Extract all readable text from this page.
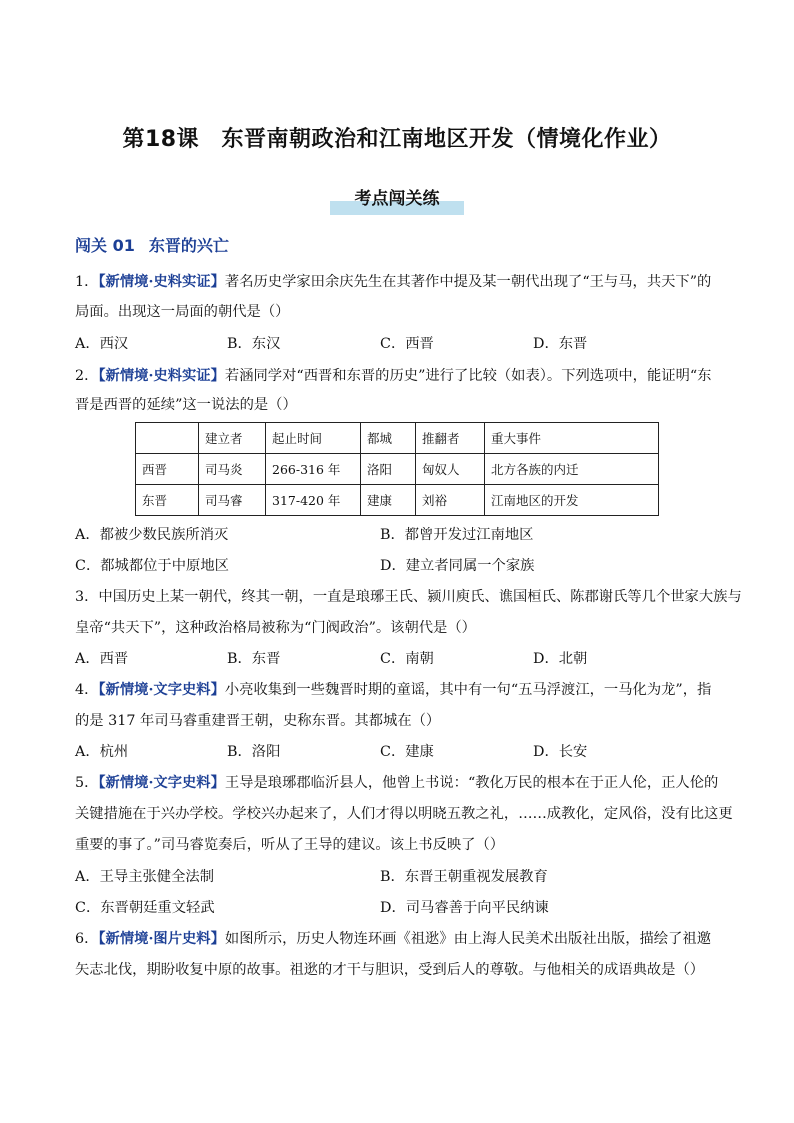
第18课　东晋南朝政治和江南地区开发（情境化作业）
考点闯关练
闯关 01 东晋的兴亡
1．【新情境·史料实证】著名历史学家田余庆先生在其著作中提及某一朝代出现了“王与马，共天下”的
局面。出现这一局面的朝代是（）
A．西汉	B．东汉	C．西晋	D．东晋
2．【新情境·史料实证】若涵同学对“西晋和东晋的历史”进行了比较（如表）。下列选项中，能证明“东
晋是西晋的延续”这一说法的是（）
	建立者	起止时间	都城	推翻者	重大事件
西晋	司马炎	266-316 年	洛阳	匈奴人	北方各族的内迁
东晋	司马睿	317-420 年	建康	刘裕	江南地区的开发
A．都被少数民族所消灭	B．都曾开发过江南地区
C．都城都位于中原地区	D．建立者同属一个家族
3．中国历史上某一朝代，终其一朝，一直是琅琊王氏、颍川庾氏、谯国桓氏、陈郡谢氏等几个世家大族与
皇帝“共天下”，这种政治格局被称为“门阀政治”。该朝代是（）
A．西晋	B．东晋	C．南朝	D．北朝
4．【新情境·文字史料】小亮收集到一些魏晋时期的童谣，其中有一句“五马浮渡江，一马化为龙”，指
的是 317 年司马睿重建晋王朝，史称东晋。其都城在（）
A．杭州	B．洛阳	C．建康	D．长安
5．【新情境·文字史料】王导是琅琊郡临沂县人，他曾上书说：“教化万民的根本在于正人伦，正人伦的
关键措施在于兴办学校。学校兴办起来了，人们才得以明晓五教之礼，……成教化，定风俗，没有比这更
重要的事了。”司马睿览奏后，听从了王导的建议。该上书反映了（）
A．王导主张健全法制	B．东晋王朝重视发展教育
C．东晋朝廷重文轻武	D．司马睿善于向平民纳谏
6．【新情境·图片史料】如图所示，历史人物连环画《祖逖》由上海人民美术出版社出版，描绘了祖邀
矢志北伐，期盼收复中原的故事。祖逖的才干与胆识，受到后人的尊敬。与他相关的成语典故是（）
